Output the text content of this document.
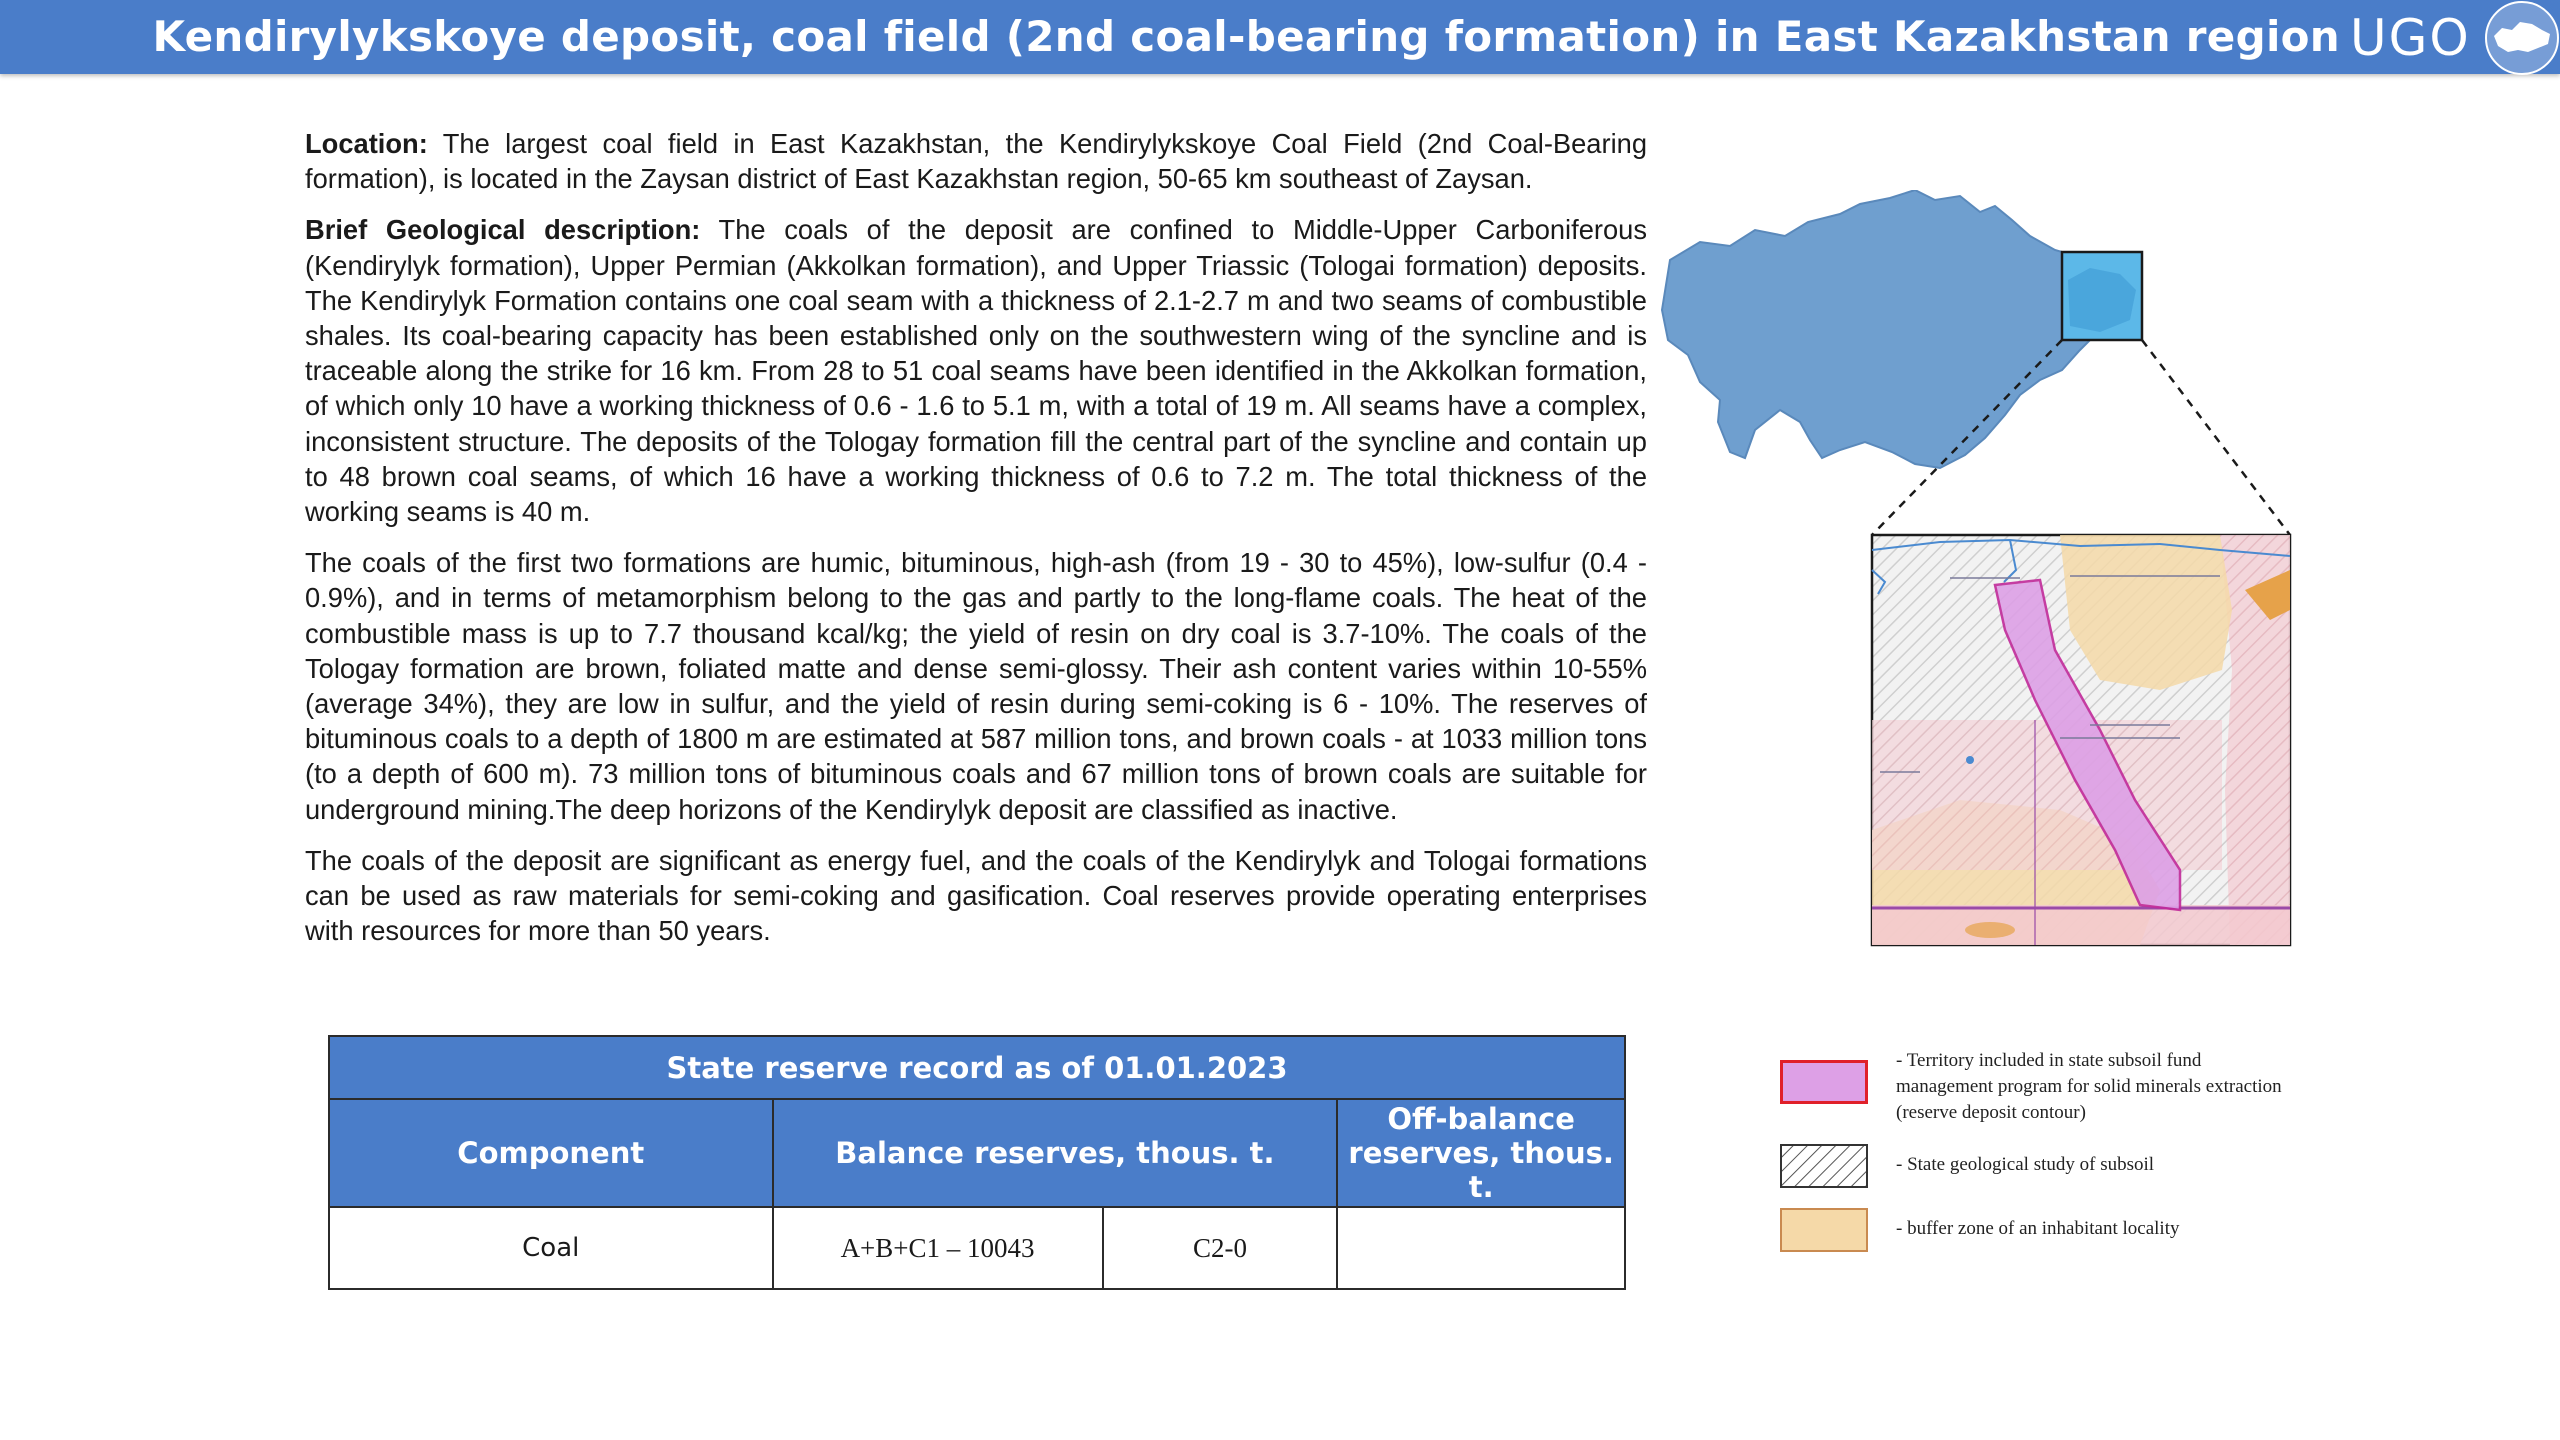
Kendirylykskoye deposit, coal field (2nd coal-bearing formation) in East Kazakhstan region UGO

Location: The largest coal field in East Kazakhstan, the Kendirylykskoye Coal Field (2nd Coal-Bearing formation), is located in the Zaysan district of East Kazakhstan region, 50-65 km southeast of Zaysan.

Brief Geological description: The coals of the deposit are confined to Middle-Upper Carboniferous (Kendirylyk formation), Upper Permian (Akkolkan formation), and Upper Triassic (Tologai formation) deposits. The Kendirylyk Formation contains one coal seam with a thickness of 2.1-2.7 m and two seams of combustible shales. Its coal-bearing capacity has been established only on the southwestern wing of the syncline and is traceable along the strike for 16 km. From 28 to 51 coal seams have been identified in the Akkolkan formation, of which only 10 have a working thickness of 0.6 - 1.6 to 5.1 m, with a total of 19 m. All seams have a complex, inconsistent structure. The deposits of the Tologay formation fill the central part of the syncline and contain up to 48 brown coal seams, of which 16 have a working thickness of 0.6 to 7.2 m. The total thickness of the working seams is 40 m.

The coals of the first two formations are humic, bituminous, high-ash (from 19 - 30 to 45%), low-sulfur (0.4 - 0.9%), and in terms of metamorphism belong to the gas and partly to the long-flame coals. The heat of the combustible mass is up to 7.7 thousand kcal/kg; the yield of resin on dry coal is 3.7-10%. The coals of the Tologay formation are brown, foliated matte and dense semi-glossy. Their ash content varies within 10-55% (average 34%), they are low in sulfur, and the yield of resin during semi-coking is 6 - 10%. The reserves of bituminous coals to a depth of 1800 m are estimated at 587 million tons, and brown coals - at 1033 million tons (to a depth of 600 m). 73 million tons of bituminous coals and 67 million tons of brown coals are suitable for underground mining.The deep horizons of the Kendirylyk deposit are classified as inactive.

The coals of the deposit are significant as energy fuel, and the coals of the Kendirylyk and Tologai formations can be used as raw materials for semi-coking and gasification. Coal reserves provide operating enterprises with resources for more than 50 years.

State reserve record as of 01.01.2023			
Component	Balance reserves, thous. t.		Off-balance reserves, thous. t.
Coal	A+B+C1 – 10043	C2-0	
- Territory included in state subsoil fund management program for solid minerals extraction (reserve deposit contour)
- State geological study of subsoil
- buffer zone of an inhabitant locality
